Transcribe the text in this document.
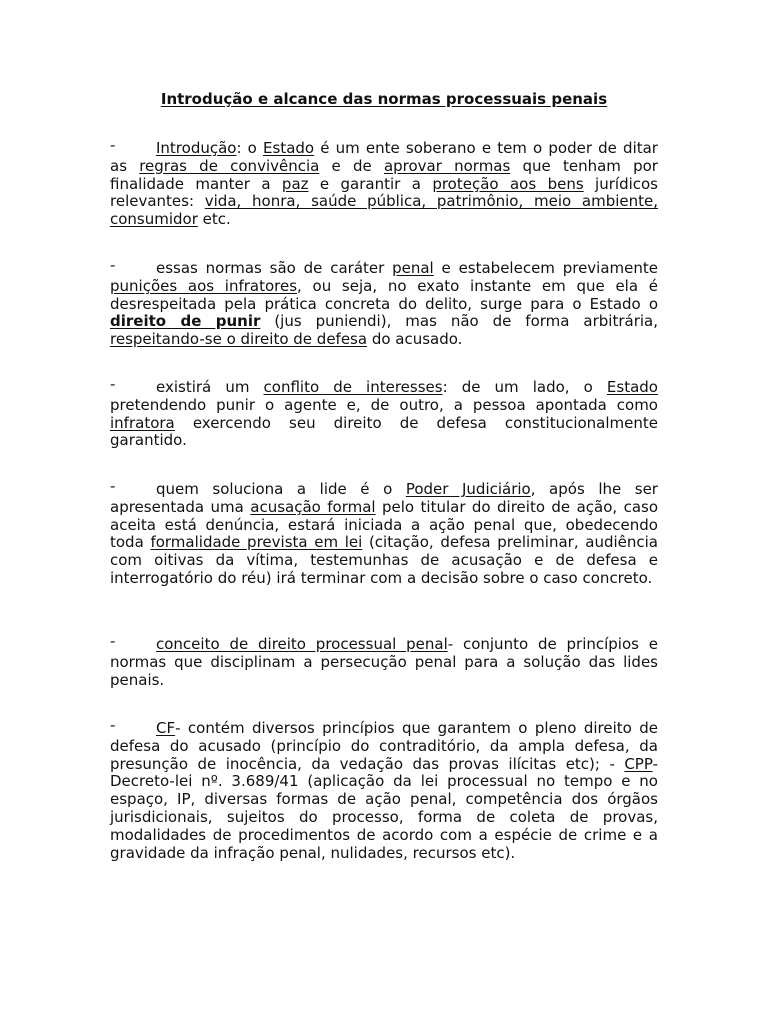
Introdução e alcance das normas processuais penais
-	Introdução: o Estado é um ente soberano e tem o poder de ditar as regras de convivência e de aprovar normas que tenham por finalidade manter a paz e garantir a proteção aos bens jurídicos relevantes: vida, honra, saúde pública, patrimônio, meio ambiente, consumidor etc.
-	essas normas são de caráter penal e estabelecem previamente punições aos infratores, ou seja, no exato instante em que ela é desrespeitada pela prática concreta do delito, surge para o Estado o direito de punir (jus puniendi), mas não de forma arbitrária, respeitando-se o direito de defesa do acusado.
-	existirá um conflito de interesses: de um lado, o Estado pretendendo punir o agente e, de outro, a pessoa apontada como infratora exercendo seu direito de defesa constitucionalmente garantido.
-	quem soluciona a lide é o Poder Judiciário, após lhe ser apresentada uma acusação formal pelo titular do direito de ação, caso aceita está denúncia, estará iniciada a ação penal que, obedecendo toda formalidade prevista em lei (citação, defesa preliminar, audiência com oitivas da vítima, testemunhas de acusação e de defesa e interrogatório do réu) irá terminar com a decisão sobre o caso concreto.
-	conceito de direito processual penal- conjunto de princípios e normas que disciplinam a persecução penal para a solução das lides penais.
-	CF- contém diversos princípios que garantem o pleno direito de defesa do acusado (princípio do contraditório, da ampla defesa, da presunção de inocência, da vedação das provas ilícitas etc); - CPP- Decreto-lei nº. 3.689/41 (aplicação da lei processual no tempo e no espaço, IP, diversas formas de ação penal, competência dos órgãos jurisdicionais, sujeitos do processo, forma de coleta de provas, modalidades de procedimentos de acordo com a espécie de crime e a gravidade da infração penal, nulidades, recursos etc).
